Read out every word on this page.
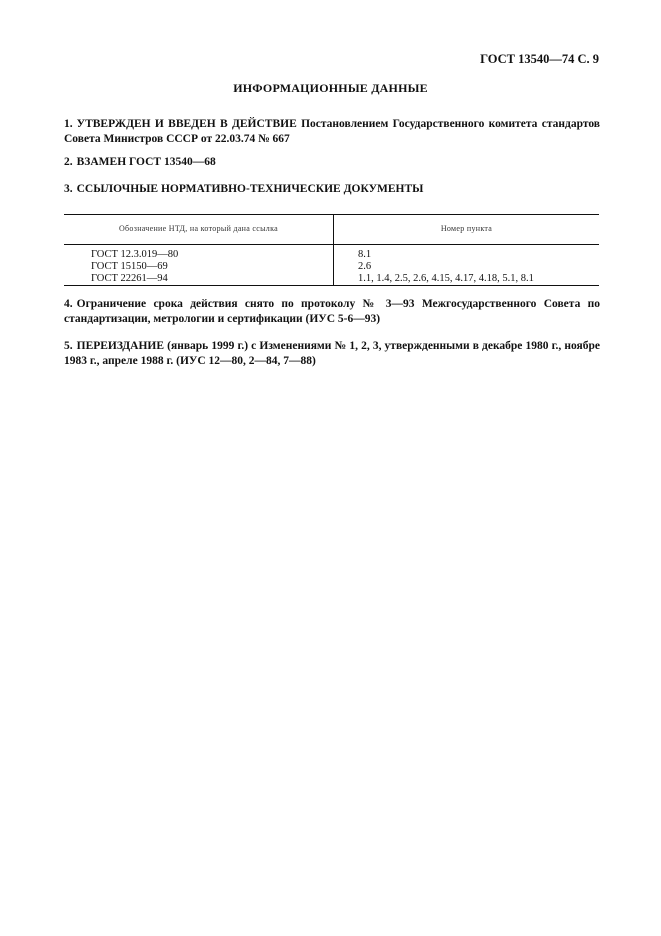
ГОСТ 13540—74 С. 9
ИНФОРМАЦИОННЫЕ ДАННЫЕ
1. УТВЕРЖДЕН И ВВЕДЕН В ДЕЙСТВИЕ Постановлением Государственного комитета стандартов Совета Министров СССР от 22.03.74 № 667
2. ВЗАМЕН ГОСТ 13540—68
3. ССЫЛОЧНЫЕ НОРМАТИВНО-ТЕХНИЧЕСКИЕ ДОКУМЕНТЫ
Обозначение НТД, на который дана ссылка	Номер пункта
ГОСТ 12.3.019—80
ГОСТ 15150—69
ГОСТ 22261—94
8.1
2.6
1.1, 1.4, 2.5, 2.6, 4.15, 4.17, 4.18, 5.1, 8.1
4. Ограничение срока действия снято по протоколу № 3—93 Межгосударственного Совета по стандартизации, метрологии и сертификации (ИУС 5-6—93)
5. ПЕРЕИЗДАНИЕ (январь 1999 г.) с Изменениями № 1, 2, 3, утвержденными в декабре 1980 г., ноябре 1983 г., апреле 1988 г. (ИУС 12—80, 2—84, 7—88)
